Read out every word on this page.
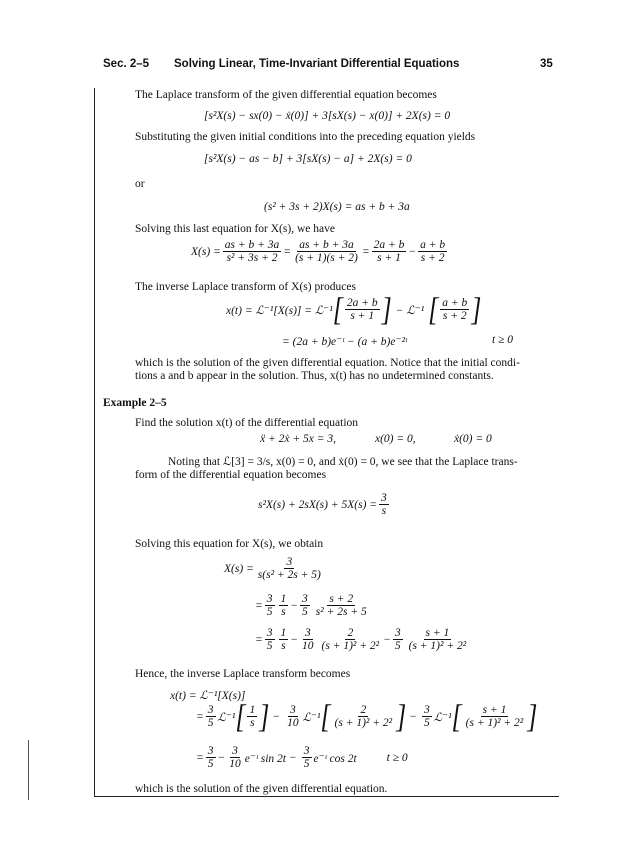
Sec. 2–5 Solving Linear, Time-Invariant Differential Equations	35
The Laplace transform of the given differential equation becomes
[s²X(s) − sx(0) − ẋ(0)] + 3[sX(s) − x(0)] + 2X(s) = 0
Substituting the given initial conditions into the preceding equation yields
[s²X(s) − as − b] + 3[sX(s) − a] + 2X(s) = 0
or
(s² + 3s + 2)X(s) = as + b + 3a
Solving this last equation for X(s), we have
$X(s) = \frac{as + b + 3a}{\text{s² + 3s + 2}} = \frac{as + b + 3a}{(s + 1)(s + 2)} = \frac{2a + b}{s + 1} - \frac{a + b}{s + 2}$
The inverse Laplace transform of X(s) produces
x(t) = ℒ⁻¹[X(s)] = ℒ⁻¹ [ $\frac{2a + b}{s + 1}$ ] − ℒ⁻¹ [ $\frac{a + b}{s + 2}$ ]
= (2a + b)e⁻ᵗ − (a + b)e⁻²ᵗ	t ≥ 0
which is the solution of the given differential equation. Notice that the initial condi-
tions a and b appear in the solution. Thus, x(t) has no undetermined constants.
Example 2–5
Find the solution x(t) of the differential equation
ẍ + 2ẋ + 5x = 3,	x(0) = 0,	ẋ(0) = 0
Noting that ℒ[3] = 3/s, x(0) = 0, and ẋ(0) = 0, we see that the Laplace trans-
form of the differential equation becomes
$s^2X(s) + 2sX(s) + 5X(s) = \frac{3}{s}$
Solving this equation for X(s), we obtain
$X(s) = \frac{3}{\text{s(s² + 2s + 5)}}$
= $\frac{3}{5} \frac{1}{s} - \frac{3}{5} \frac{s + 2}{\text{s² + 2s + 5}}$
= $\frac{3}{5} \frac{1}{s} - \frac{3}{10} \frac{2}{\text{(s + 1)² + 2²}} - \frac{3}{5} \frac{s + 1}{\text{(s + 1)² + 2²}}$
Hence, the inverse Laplace transform becomes
x(t) = ℒ⁻¹[X(s)]
= $\frac{3}{5}$ ℒ⁻¹ [ $\frac{1}{s}$ ] − $\frac{3}{10}$ ℒ⁻¹ [ $\frac{2}{\text{(s + 1)² + 2²}}$ ] − $\frac{3}{5}$ ℒ⁻¹ [ $\frac{s + 1}{\text{(s + 1)² + 2²}}$ ]
= $\frac{3}{5} - \frac{3}{10}$ e⁻ᵗ $\sin 2t - \frac{3}{5}$ e⁻ᵗ cos 2t	t ≥ 0
which is the solution of the given differential equation.
